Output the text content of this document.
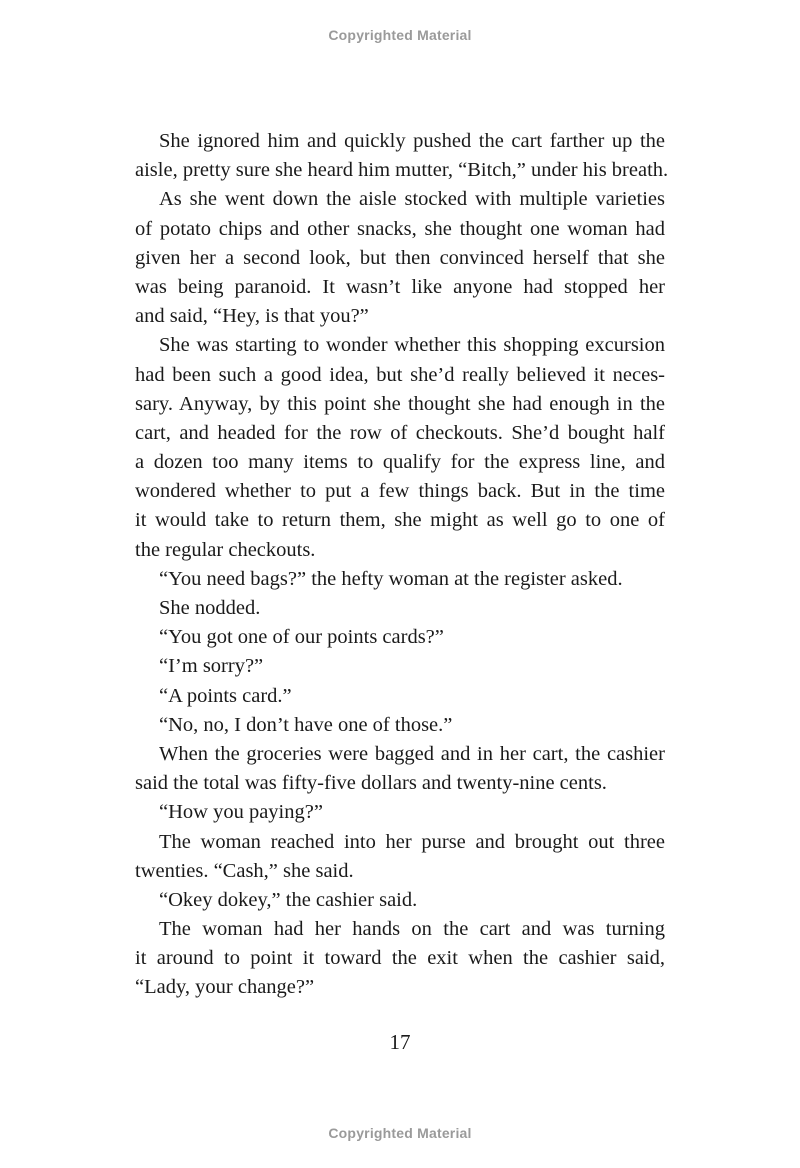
Copyrighted Material
She ignored him and quickly pushed the cart farther up the
aisle, pretty sure she heard him mutter, “Bitch,” under his breath.
As she went down the aisle stocked with multiple varieties
of potato chips and other snacks, she thought one woman had
given her a second look, but then convinced herself that she
was being paranoid. It wasn’t like anyone had stopped her
and said, “Hey, is that you?”
She was starting to wonder whether this shopping excursion
had been such a good idea, but she’d really believed it neces-
sary. Anyway, by this point she thought she had enough in the
cart, and headed for the row of checkouts. She’d bought half
a dozen too many items to qualify for the express line, and
wondered whether to put a few things back. But in the time
it would take to return them, she might as well go to one of
the regular checkouts.
“You need bags?” the hefty woman at the register asked.
She nodded.
“You got one of our points cards?”
“I’m sorry?”
“A points card.”
“No, no, I don’t have one of those.”
When the groceries were bagged and in her cart, the cashier
said the total was fifty-five dollars and twenty-nine cents.
“How you paying?”
The woman reached into her purse and brought out three
twenties. “Cash,” she said.
“Okey dokey,” the cashier said.
The woman had her hands on the cart and was turning
it around to point it toward the exit when the cashier said,
“Lady, your change?”
17
Copyrighted Material
